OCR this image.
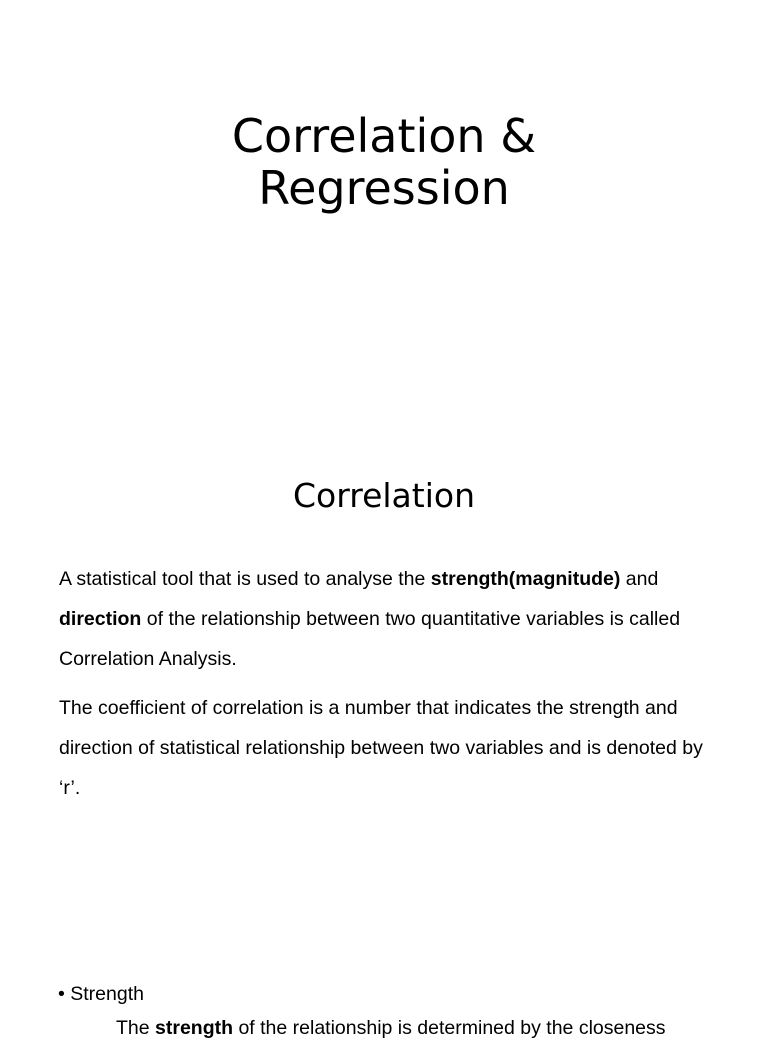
Correlation &
Regression
Correlation

A statistical tool that is used to analyse the strength(magnitude) and direction of the relationship between two quantitative variables is called Correlation Analysis.

The coefficient of correlation is a number that indicates the strength and direction of statistical relationship between two variables and is denoted by ‘r’.

• Strength
The strength of the relationship is determined by the closeness
